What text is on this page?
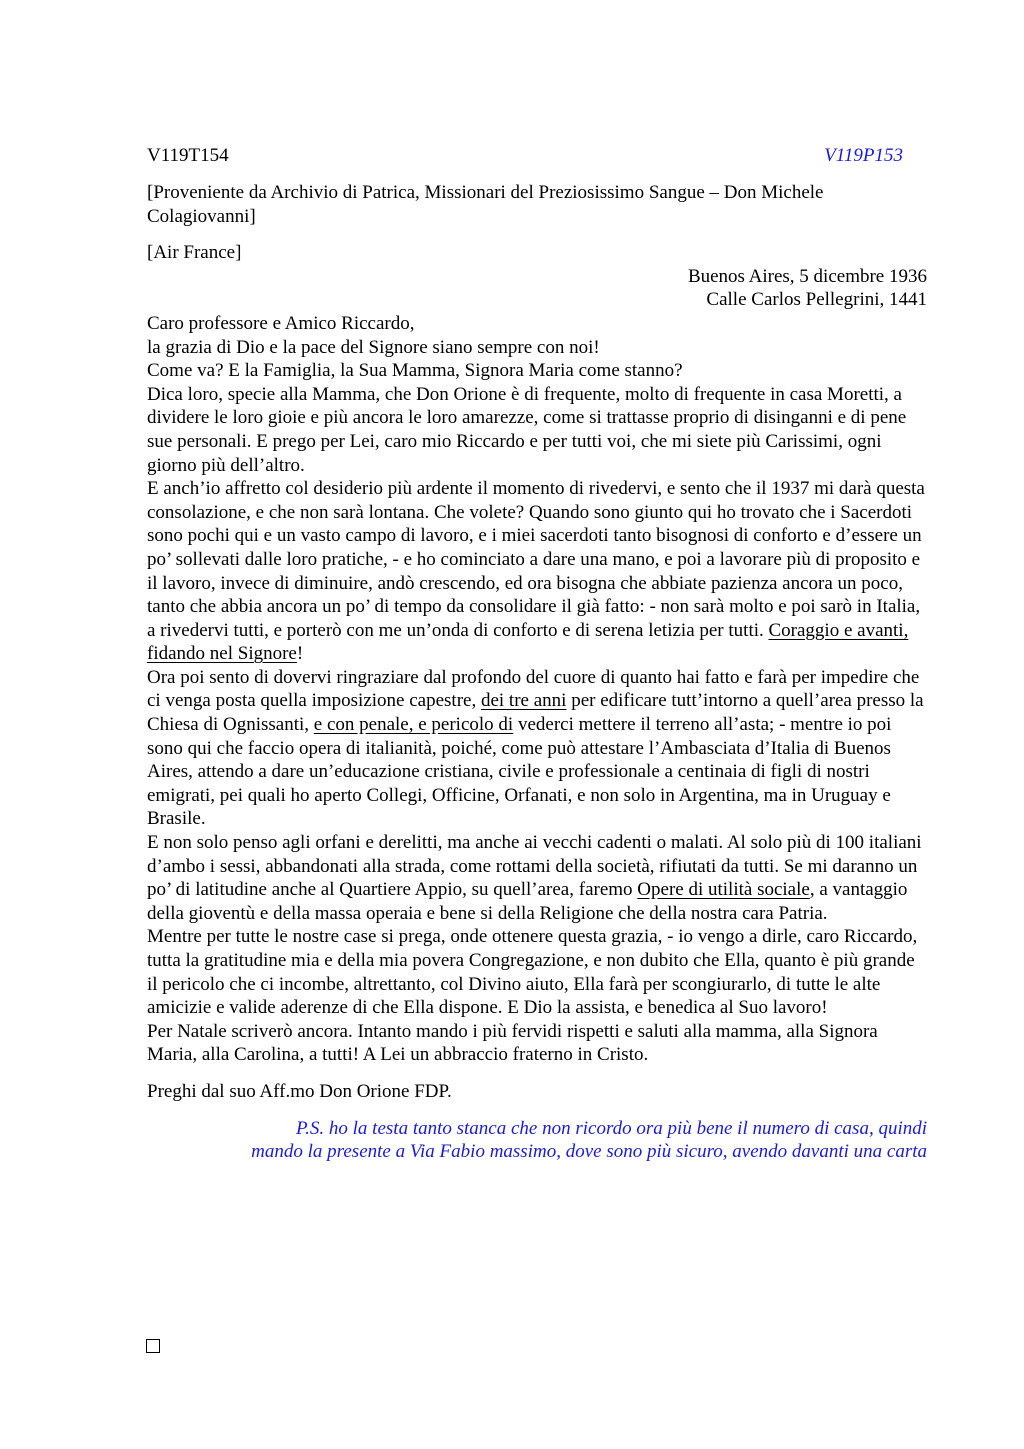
V119T154	V119P153

[Proveniente da Archivio di Patrica, Missionari del Preziosissimo Sangue – Don Michele Colagiovanni]

[Air France]

Buenos Aires, 5 dicembre 1936
Calle Carlos Pellegrini, 1441

Caro professore e Amico Riccardo,

la grazia di Dio e la pace del Signore siano sempre con noi!

Come va? E la Famiglia, la Sua Mamma, Signora Maria come stanno?

Dica loro, specie alla Mamma, che Don Orione è di frequente, molto di frequente in casa Moretti, a dividere le loro gioie e più ancora le loro amarezze, come si trattasse proprio di disinganni e di pene sue personali. E prego per Lei, caro mio Riccardo e per tutti voi, che mi siete più Carissimi, ogni giorno più dell’altro.

E anch’io affretto col desiderio più ardente il momento di rivedervi, e sento che il 1937 mi darà questa consolazione, e che non sarà lontana. Che volete? Quando sono giunto qui ho trovato che i Sacerdoti sono pochi qui e un vasto campo di lavoro, e i miei sacerdoti tanto bisognosi di conforto e d’essere un po’ sollevati dalle loro pratiche, - e ho cominciato a dare una mano, e poi a lavorare più di proposito e il lavoro, invece di diminuire, andò crescendo, ed ora bisogna che abbiate pazienza ancora un poco, tanto che abbia ancora un po’ di tempo da consolidare il già fatto: - non sarà molto e poi sarò in Italia, a rivedervi tutti, e porterò con me un’onda di conforto e di serena letizia per tutti. Coraggio e avanti, fidando nel Signore!

Ora poi sento di dovervi ringraziare dal profondo del cuore di quanto hai fatto e farà per impedire che ci venga posta quella imposizione capestre, dei tre anni per edificare tutt’intorno a quell’area presso la Chiesa di Ognissanti, e con penale, e pericolo di vederci mettere il terreno all’asta; - mentre io poi sono qui che faccio opera di italianità, poiché, come può attestare l’Ambasciata d’Italia di Buenos Aires, attendo a dare un’educazione cristiana, civile e professionale a centinaia di figli di nostri emigrati, pei quali ho aperto Collegi, Officine, Orfanati, e non solo in Argentina, ma in Uruguay e Brasile.

E non solo penso agli orfani e derelitti, ma anche ai vecchi cadenti o malati. Al solo più di 100 italiani d’ambo i sessi, abbandonati alla strada, come rottami della società, rifiutati da tutti. Se mi daranno un po’ di latitudine anche al Quartiere Appio, su quell’area, faremo Opere di utilità sociale, a vantaggio della gioventù e della massa operaia e bene si della Religione che della nostra cara Patria.

Mentre per tutte le nostre case si prega, onde ottenere questa grazia, - io vengo a dirle, caro Riccardo, tutta la gratitudine mia e della mia povera Congregazione, e non dubito che Ella, quanto è più grande il pericolo che ci incombe, altrettanto, col Divino aiuto, Ella farà per scongiurarlo, di tutte le alte amicizie e valide aderenze di che Ella dispone. E Dio la assista, e benedica al Suo lavoro!

Per Natale scriverò ancora. Intanto mando i più fervidi rispetti e saluti alla mamma, alla Signora Maria, alla Carolina, a tutti! A Lei un abbraccio fraterno in Cristo.

Preghi dal suo Aff.mo Don Orione FDP.

P.S. ho la testa tanto stanca che non ricordo ora più bene il numero di casa, quindi

mando la presente a Via Fabio massimo, dove sono più sicuro, avendo davanti una carta
